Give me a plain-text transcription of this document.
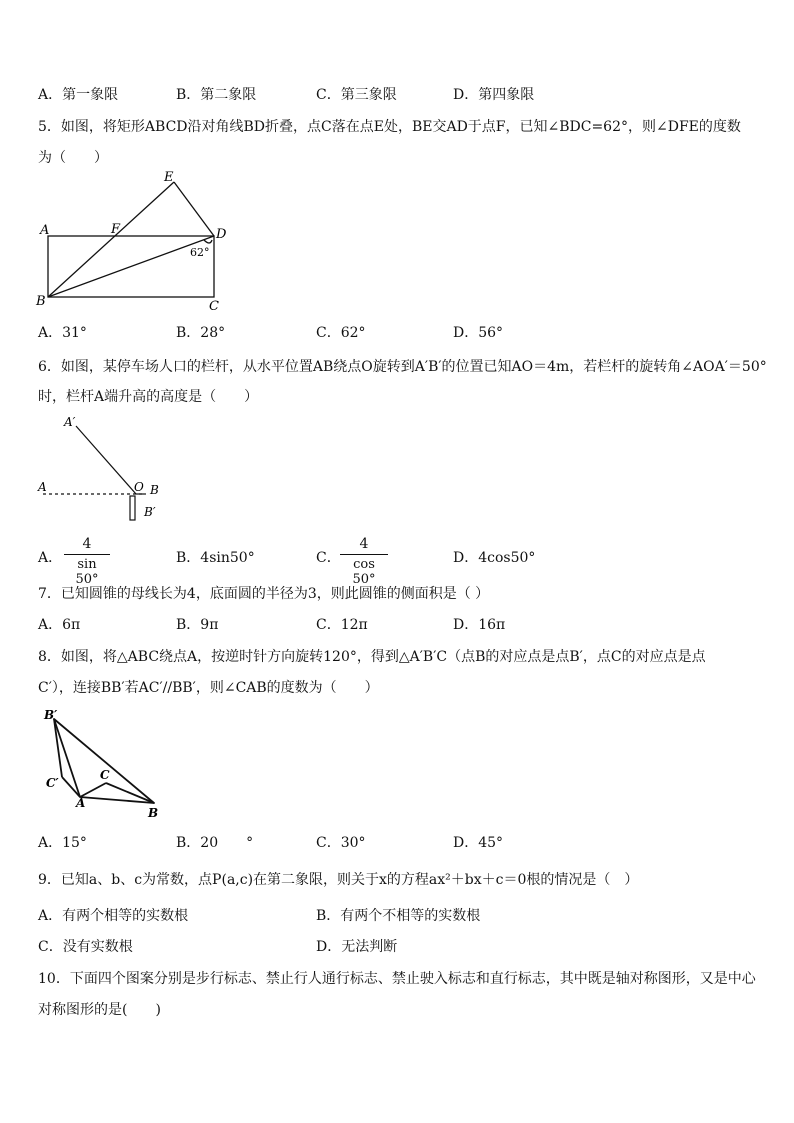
A．第一象限	B．第二象限	C．第三象限	D．第四象限
5．如图，将矩形ABCD沿对角线BD折叠，点C落在点E处，BE交AD于点F，已知∠BDC=62°，则∠DFE的度数
为（　　）
A
B	C
D
E
F
62°
A．31°	B．28°	C．62°	D．56°
6．如图，某停车场人口的栏杆，从水平位置AB绕点O旋转到A′B′的位置已知AO＝4m，若栏杆的旋转角∠AOA′＝50°
时，栏杆A端升高的高度是（　　）
A′
A	O B
B′
A．
4
sin 50°
B．4sin50°	C．
4
cos 50°
D．4cos50°
7．已知圆锥的母线长为4，底面圆的半径为3，则此圆锥的侧面积是（ ）
A．6π	B．9π	C．12π	D．16π
8．如图，将△ABC绕点A，按逆时针方向旋转120°，得到△A′B′C（点B的对应点是点B′，点C的对应点是点
C′），连接BB′若AC′//BB′，则∠CAB的度数为（　　）
B′
C′
A
C
B
A．15°	B．20　　°	C．30°	D．45°
9．已知a、b、c为常数，点P(a,c)在第二象限，则关于x的方程ax²＋bx＋c＝0根的情况是（　）
A．有两个相等的实数根	B．有两个不相等的实数根
C．没有实数根	D．无法判断
10．下面四个图案分别是步行标志、禁止行人通行标志、禁止驶入标志和直行标志，其中既是轴对称图形，又是中心
对称图形的是(　　)
